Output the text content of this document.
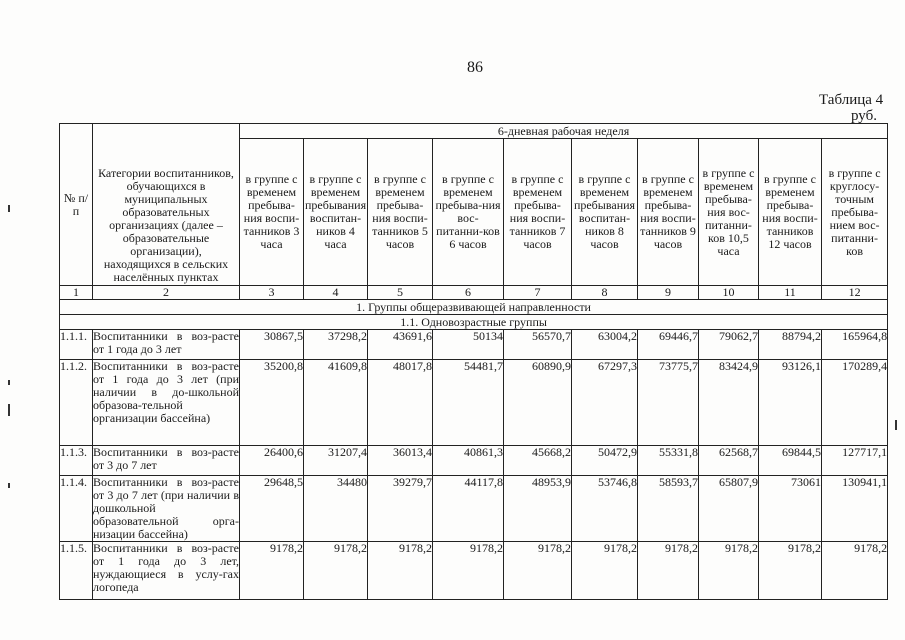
86
Таблица 4
руб.
№ п/п	Категории воспитанников, обучающихся в муниципальных образовательных организациях (далее – образовательные организации), находящихся в сельских населённых пунктах	6-дневная рабочая неделя									
		в группе с временем пребыва-ния воспи-танников 3 часа	в группе с временем пребывания воспитан-ников 4 часа	в группе с временем пребыва-ния воспи-танников 5 часов	в группе с временем пребыва-ния вос-питанни-ков 6 часов	в группе с временем пребыва-ния воспи-танников 7 часов	в группе с временем пребывания воспитан-ников 8 часов	в группе с временем пребыва-ния воспи-танников 9 часов	в группе с временем пребыва-ния вос-питанни-ков 10,5 часа	в группе с временем пребыва-ния воспи-танников 12 часов	в группе с круглосу-точным пребыва-нием вос-питанни-ков
1	2	3	4	5	6	7	8	9	10	11	12
1. Группы общеразвивающей направленности											
1.1. Одновозрастные группы											
1.1.1.	Воспитанники в воз-расте от 1 года до 3 лет	30867,5	37298,2	43691,6	50134	56570,7	63004,2	69446,7	79062,7	88794,2	165964,8
1.1.2.	Воспитанники в воз-расте от 1 года до 3 лет (при наличии в до-школьной образова-тельной организации бассейна)	35200,8	41609,8	48017,8	54481,7	60890,9	67297,3	73775,7	83424,9	93126,1	170289,4
1.1.3.	Воспитанники в воз-расте от 3 до 7 лет	26400,6	31207,4	36013,4	40861,3	45668,2	50472,9	55331,8	62568,7	69844,5	127717,1
1.1.4.	Воспитанники в воз-расте от 3 до 7 лет (при наличии в дошкольной образовательной орга-низации бассейна)	29648,5	34480	39279,7	44117,8	48953,9	53746,8	58593,7	65807,9	73061	130941,1
1.1.5.	Воспитанники в воз-расте от 1 года до 3 лет, нуждающиеся в услу-гах логопеда	9178,2	9178,2	9178,2	9178,2	9178,2	9178,2	9178,2	9178,2	9178,2	9178,2
